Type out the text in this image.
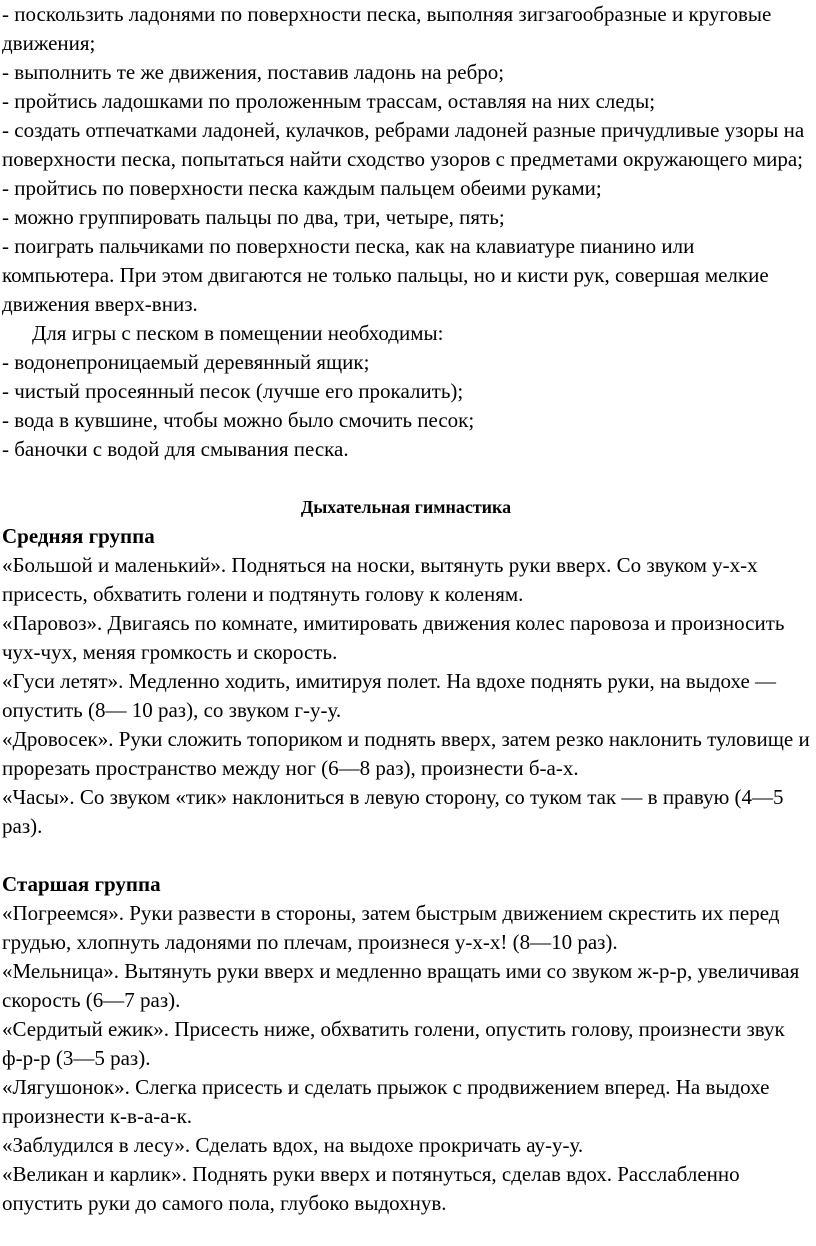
- поскользить ладонями по поверхности песка, выполняя зигзагообразные и круговые движения;

- выполнить те же движения, поставив ладонь на ребро;

- пройтись ладошками по проложенным трассам, оставляя на них следы;

- создать отпечатками ладоней, кулачков, ребрами ладоней разные причудливые узоры на поверхности песка, попытаться найти сходство узоров с предметами окружающего мира;

- пройтись по поверхности песка каждым пальцем обеими руками;

- можно группировать пальцы по два, три, четыре, пять;

- поиграть пальчиками по поверхности песка, как на клавиатуре пианино или компьютера. При этом двигаются не только пальцы, но и кисти рук, совершая мелкие движения вверх-вниз.

Для игры с песком в помещении необходимы:

- водонепроницаемый деревянный ящик;

- чистый просеянный песок (лучше его прокалить);

- вода в кувшине, чтобы можно было смочить песок;

- баночки с водой для смывания песка.

Дыхательная гимнастика

Средняя группа

«Большой и маленький». Подняться на носки, вытянуть руки вверх. Со звуком у-х-х присесть, обхватить голени и подтянуть голову к коленям.

«Паровоз». Двигаясь по комнате, имитировать движения колес паровоза и произносить чух-чух, меняя громкость и скорость.

«Гуси летят». Медленно ходить, имитируя полет. На вдохе поднять руки, на выдохе — опустить (8— 10 раз), со звуком г-у-у.

«Дровосек». Руки сложить топориком и поднять вверх, затем резко наклонить туловище и прорезать пространство между ног (6—8 раз), произнести б-а-х.

«Часы». Со звуком «тик» наклониться в левую сторону, со туком так — в правую (4—5 раз).

Старшая группа

«Погреемся». Руки развести в стороны, затем быстрым движением скрестить их перед грудью, хлопнуть ладонями по плечам, произнеся у-х-х! (8—10 раз).

«Мельница». Вытянуть руки вверх и медленно вращать ими со звуком ж-р-р, увеличивая скорость (6—7 раз).

«Сердитый ежик». Присесть ниже, обхватить голени, опустить голову, произнести звук ф-р-р (3—5 раз).

«Лягушонок». Слегка присесть и сделать прыжок с продвижением вперед. На выдохе произнести к-в-а-а-к.

«Заблудился в лесу». Сделать вдох, на выдохе прокричать ау-у-у.

«Великан и карлик». Поднять руки вверх и потянуться, сделав вдох. Расслабленно опустить руки до самого пола, глубоко выдохнув.
